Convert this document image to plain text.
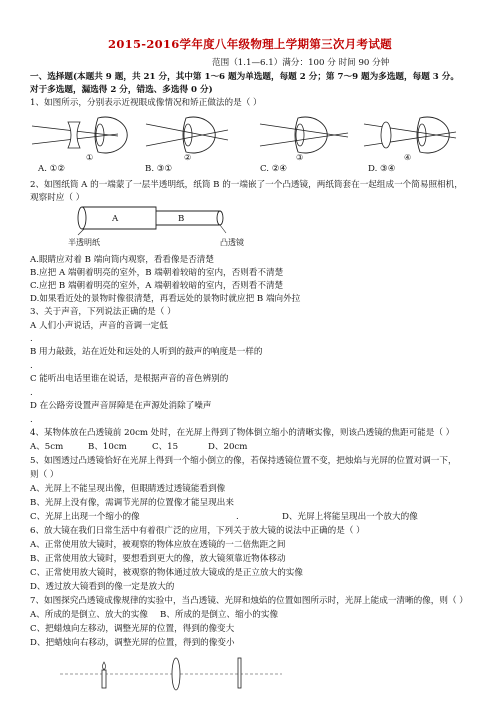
2015-2016学年度八年级物理上学期第三次月考试题
范围（1.1—6.1）满分：100 分 时间 90 分钟
一、选择题(本题共 9 题，共 21 分，其中第 1～6 题为单选题，每题 2 分；第 7～9 题为多选题，每题 3 分。
对于多选题，漏选得 2 分，错选、多选得 0 分)
1、如图所示，分别表示近视眼成像情况和矫正做法的是（ ）
①	②	③	④
A. ①②	B. ③①	C. ②④	D. ③④
2、如图纸筒 A 的一端蒙了一层半透明纸，纸筒 B 的一端嵌了一个凸透镜，两纸筒套在一起组成一个简易照相机，
观察时应（ ）
A	B
半透明纸	凸透镜
A.眼睛应对着 B 端向筒内观察，看看像是否清楚
B.应把 A 端朝着明亮的室外，B 端朝着较暗的室内，否则看不清楚
C.应把 B 端朝着明亮的室外，A 端朝着较暗的室内，否则看不清楚
D.如果看近处的景物时像很清楚，再看远处的景物时就应把 B 端向外拉
3、关于声音，下列说法正确的是（ ）
A 人们小声说话，声音的音调一定低
.
B 用力敲鼓，站在近处和远处的人听到的鼓声的响度是一样的
.
C 能听出电话里谁在说话，是根据声音的音色辨别的
.
D 在公路旁设置声音屏障是在声源处消除了噪声
.
4、某物体放在凸透镜前 20cm 处时，在光屏上得到了物体倒立缩小的清晰实像，则该凸透镜的焦距可能是（ ）
A、5cm	B、10cm	C、15	D、20cm
5、如图透过凸透镜恰好在光屏上得到一个缩小倒立的像，若保持透镜位置不变，把烛焰与光屏的位置对调一下，
则（ ）
A、光屏上不能呈现出像，但眼睛透过透镜能看到像
B、光屏上没有像，需调节光屏的位置像才能呈现出来
C、光屏上出现一个缩小的像	.	D、光屏上将能呈现出一个放大的像
6、放大镜在我们日常生活中有着很广泛的应用，下列关于放大镜的说法中正确的是（ ）
A、正常使用放大镜时，被观察的物体应放在透镜的一二倍焦距之间
B、正常使用放大镜时，要想看到更大的像，放大镜须靠近物体移动
C、正常使用放大镜时，被观察的物体通过放大镜成的是正立放大的实像
D、透过放大镜看到的像一定是放大的
7、如图探究凸透镜成像规律的实验中，当凸透镜、光屏和烛焰的位置如图所示时，光屏上能成一清晰的像，则（ ）
A、所成的是倒立、放大的实像 B、所成的是倒立、缩小的实像
C、把蜡烛向左移动，调整光屏的位置，得到的像变大
D、把蜡烛向右移动，调整光屏的位置，得到的像变小
